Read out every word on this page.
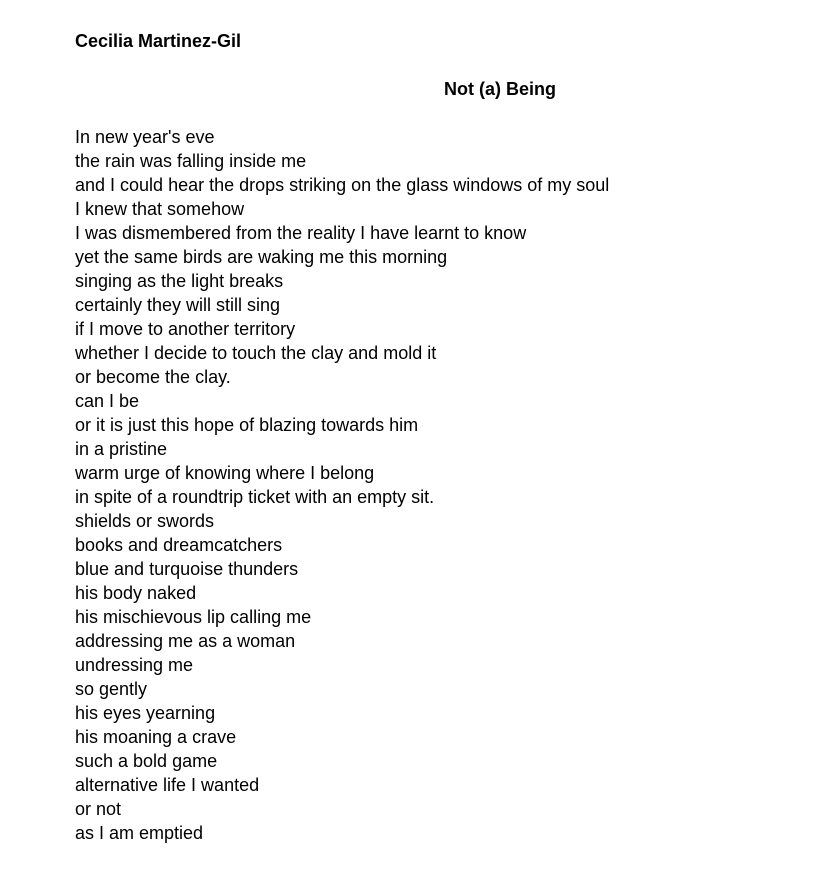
Cecilia Martinez-Gil

Not (a) Being

In new year's eve
the rain was falling inside me
and I could hear the drops striking on the glass windows of my soul
I knew that somehow
I was dismembered from the reality I have learnt to know
yet the same birds are waking me this morning
singing as the light breaks
certainly they will still sing
if I move to another territory
whether I decide to touch the clay and mold it
or become the clay.
can I be
or it is just this hope of blazing towards him
in a pristine
warm urge of knowing where I belong
in spite of a roundtrip ticket with an empty sit.
shields or swords
books and dreamcatchers
blue and turquoise thunders
his body naked
his mischievous lip calling me
addressing me as a woman
undressing me
so gently
his eyes yearning
his moaning a crave
such a bold game
alternative life I wanted
or not
as I am emptied
